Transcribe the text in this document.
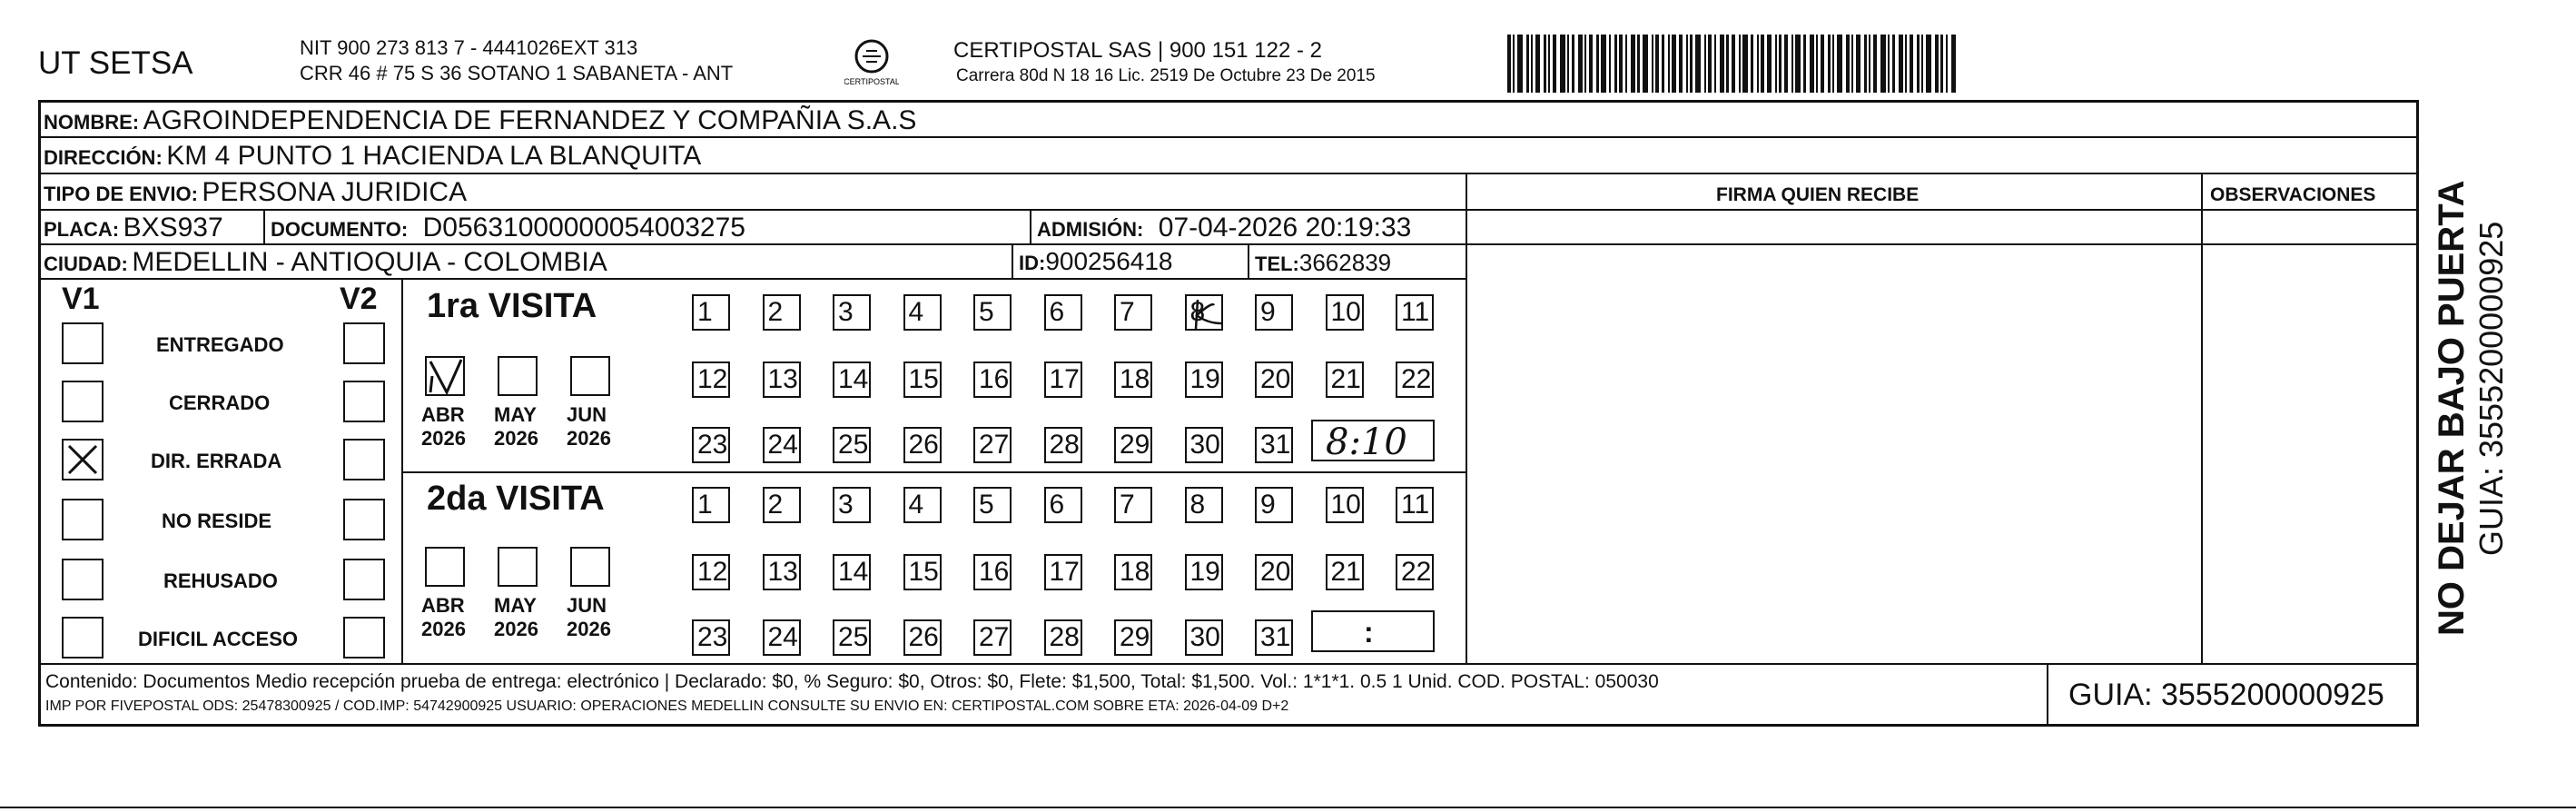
UT SETSA	NIT 900 273 813 7 - 4441026EXT 313
CRR 46 # 75 S 36 SOTANO 1 SABANETA - ANT	CERTIPOSTAL
CERTIPOSTAL SAS | 900 151 122 - 2
Carrera 80d N 18 16 Lic. 2519 De Octubre 23 De 2015
NOMBRE: AGROINDEPENDENCIA DE FERNANDEZ Y COMPAÑIA S.A.S
DIRECCIÓN: KM 4 PUNTO 1 HACIENDA LA BLANQUITA
TIPO DE ENVIO: PERSONA JURIDICA
PLACA: BXS937 DOCUMENTO: D05631000000054003275	ADMISIÓN: 07-04-2026 20:19:33
CIUDAD: MEDELLIN - ANTIOQUIA - COLOMBIA	ID:900256418	TEL:3662839
FIRMA QUIEN RECIBE	OBSERVACIONES
V1	V2
ENTREGADO
CERRADO
DIR. ERRADA
NO RESIDE
REHUSADO
DIFICIL ACCESO
1ra VISITA
2da VISITA
ABR
2026
MAY
2026
JUN
2026
ABR
2026
MAY
2026
JUN
2026
1	2	3	4	5	6	7	8	9	10 11
12 13 14 15 16 17 18 19 20 21 22
23 24 25 26 27 28 29 30 31
1	2	3	4	5	6	7	8	9	10 11
12 13 14 15 16 17 18 19 20 21 22
23 24 25 26 27 28 29 30 31
8:10
:
Contenido: Documentos Medio recepción prueba de entrega: electrónico | Declarado: $0, % Seguro: $0, Otros: $0, Flete: $1,500, Total: $1,500. Vol.: 1*1*1. 0.5 1 Unid. COD. POSTAL: 050030
IMP POR FIVEPOSTAL ODS: 25478300925 / COD.IMP: 54742900925 USUARIO: OPERACIONES MEDELLIN CONSULTE SU ENVIO EN: CERTIPOSTAL.COM SOBRE ETA: 2026-04-09 D+2	GUIA: 3555200000925
NO DEJAR BAJO PUERTA GUIA: 3555200000925
